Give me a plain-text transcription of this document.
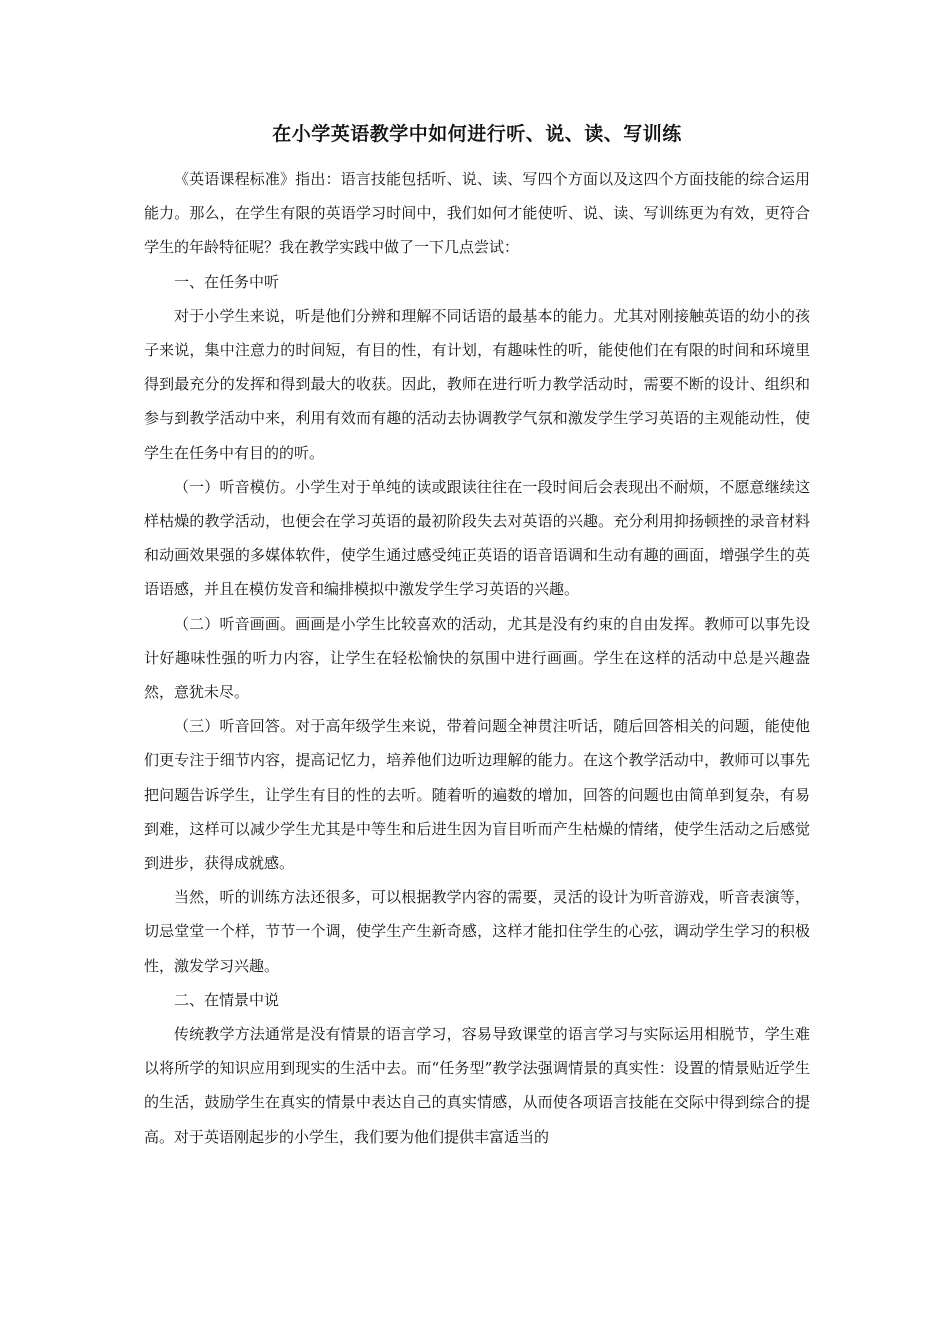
在小学英语教学中如何进行听、说、读、写训练

《英语课程标准》指出：语言技能包括听、说、读、写四个方面以及这四个方面技能的综合运用能力。那么，在学生有限的英语学习时间中，我们如何才能使听、说、读、写训练更为有效，更符合学生的年龄特征呢？我在教学实践中做了一下几点尝试：

一、在任务中听

对于小学生来说，听是他们分辨和理解不同话语的最基本的能力。尤其对刚接触英语的幼小的孩子来说，集中注意力的时间短，有目的性，有计划，有趣味性的听，能使他们在有限的时间和环境里得到最充分的发挥和得到最大的收获。因此，教师在进行听力教学活动时，需要不断的设计、组织和参与到教学活动中来，利用有效而有趣的活动去协调教学气氛和激发学生学习英语的主观能动性，使学生在任务中有目的的听。

（一）听音模仿。小学生对于单纯的读或跟读往往在一段时间后会表现出不耐烦，不愿意继续这样枯燥的教学活动，也便会在学习英语的最初阶段失去对英语的兴趣。充分利用抑扬顿挫的录音材料和动画效果强的多媒体软件，使学生通过感受纯正英语的语音语调和生动有趣的画面，增强学生的英语语感，并且在模仿发音和编排模拟中激发学生学习英语的兴趣。

（二）听音画画。画画是小学生比较喜欢的活动，尤其是没有约束的自由发挥。教师可以事先设计好趣味性强的听力内容，让学生在轻松愉快的氛围中进行画画。学生在这样的活动中总是兴趣盎然，意犹未尽。

（三）听音回答。对于高年级学生来说，带着问题全神贯注听话，随后回答相关的问题，能使他们更专注于细节内容，提高记忆力，培养他们边听边理解的能力。在这个教学活动中，教师可以事先把问题告诉学生，让学生有目的性的去听。随着听的遍数的增加，回答的问题也由简单到复杂，有易到难，这样可以减少学生尤其是中等生和后进生因为盲目听而产生枯燥的情绪，使学生活动之后感觉到进步，获得成就感。

当然，听的训练方法还很多，可以根据教学内容的需要，灵活的设计为听音游戏，听音表演等，切忌堂堂一个样，节节一个调，使学生产生新奇感，这样才能扣住学生的心弦，调动学生学习的积极性，激发学习兴趣。

二、在情景中说

传统教学方法通常是没有情景的语言学习，容易导致课堂的语言学习与实际运用相脱节，学生难以将所学的知识应用到现实的生活中去。而“任务型”教学法强调情景的真实性：设置的情景贴近学生的生活，鼓励学生在真实的情景中表达自己的真实情感，从而使各项语言技能在交际中得到综合的提高。对于英语刚起步的小学生，我们要为他们提供丰富适当的
